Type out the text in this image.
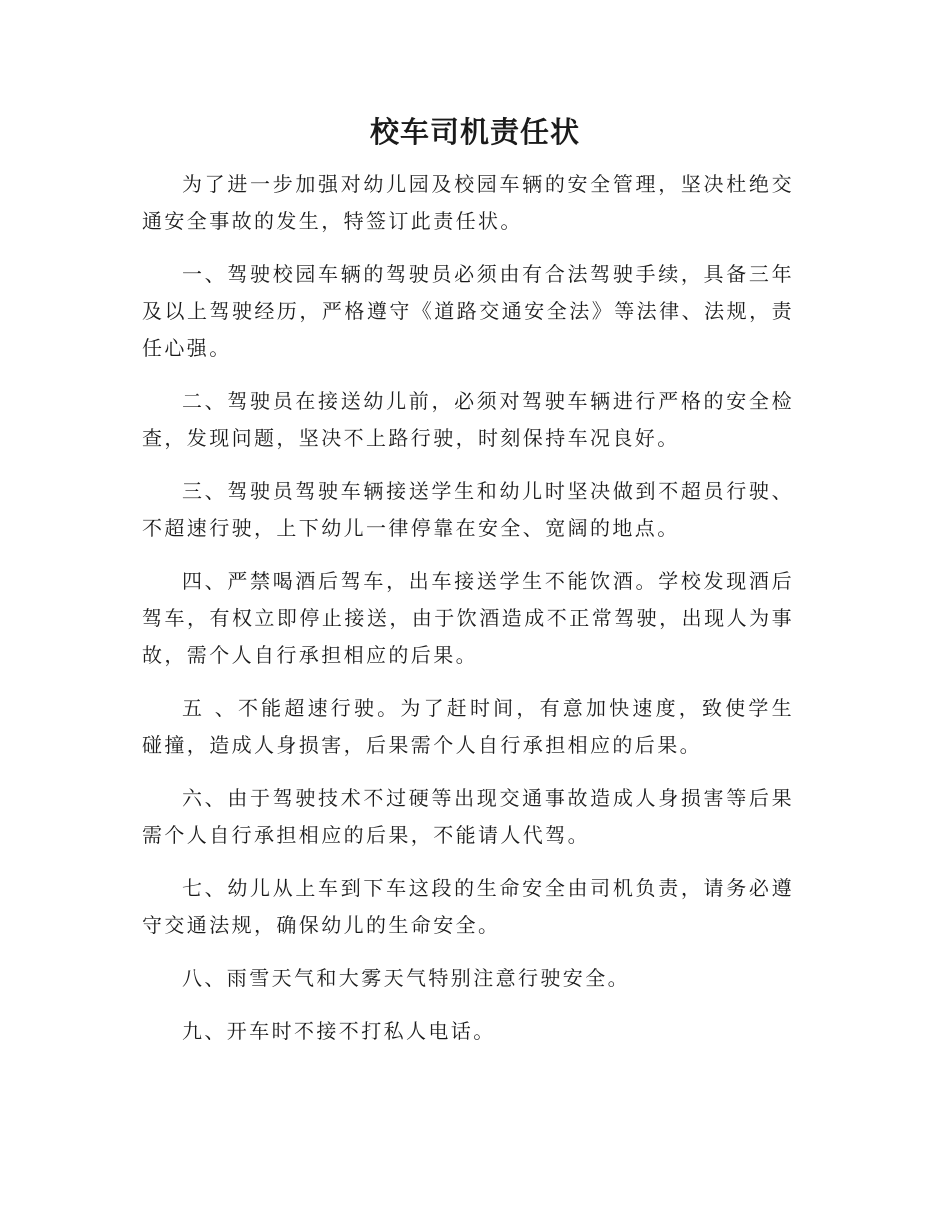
校车司机责任状

为了进一步加强对幼儿园及校园车辆的安全管理，坚决杜绝交通安全事故的发生，特签订此责任状。

一、驾驶校园车辆的驾驶员必须由有合法驾驶手续，具备三年及以上驾驶经历，严格遵守《道路交通安全法》等法律、法规，责任心强。

二、驾驶员在接送幼儿前，必须对驾驶车辆进行严格的安全检查，发现问题，坚决不上路行驶，时刻保持车况良好。

三、驾驶员驾驶车辆接送学生和幼儿时坚决做到不超员行驶、不超速行驶，上下幼儿一律停靠在安全、宽阔的地点。

四、严禁喝酒后驾车，出车接送学生不能饮酒。学校发现酒后驾车，有权立即停止接送，由于饮酒造成不正常驾驶，出现人为事故，需个人自行承担相应的后果。

五 、不能超速行驶。为了赶时间，有意加快速度，致使学生碰撞，造成人身损害，后果需个人自行承担相应的后果。

六、由于驾驶技术不过硬等出现交通事故造成人身损害等后果需个人自行承担相应的后果，不能请人代驾。

七、幼儿从上车到下车这段的生命安全由司机负责，请务必遵守交通法规，确保幼儿的生命安全。

八、雨雪天气和大雾天气特别注意行驶安全。

九、开车时不接不打私人电话。
